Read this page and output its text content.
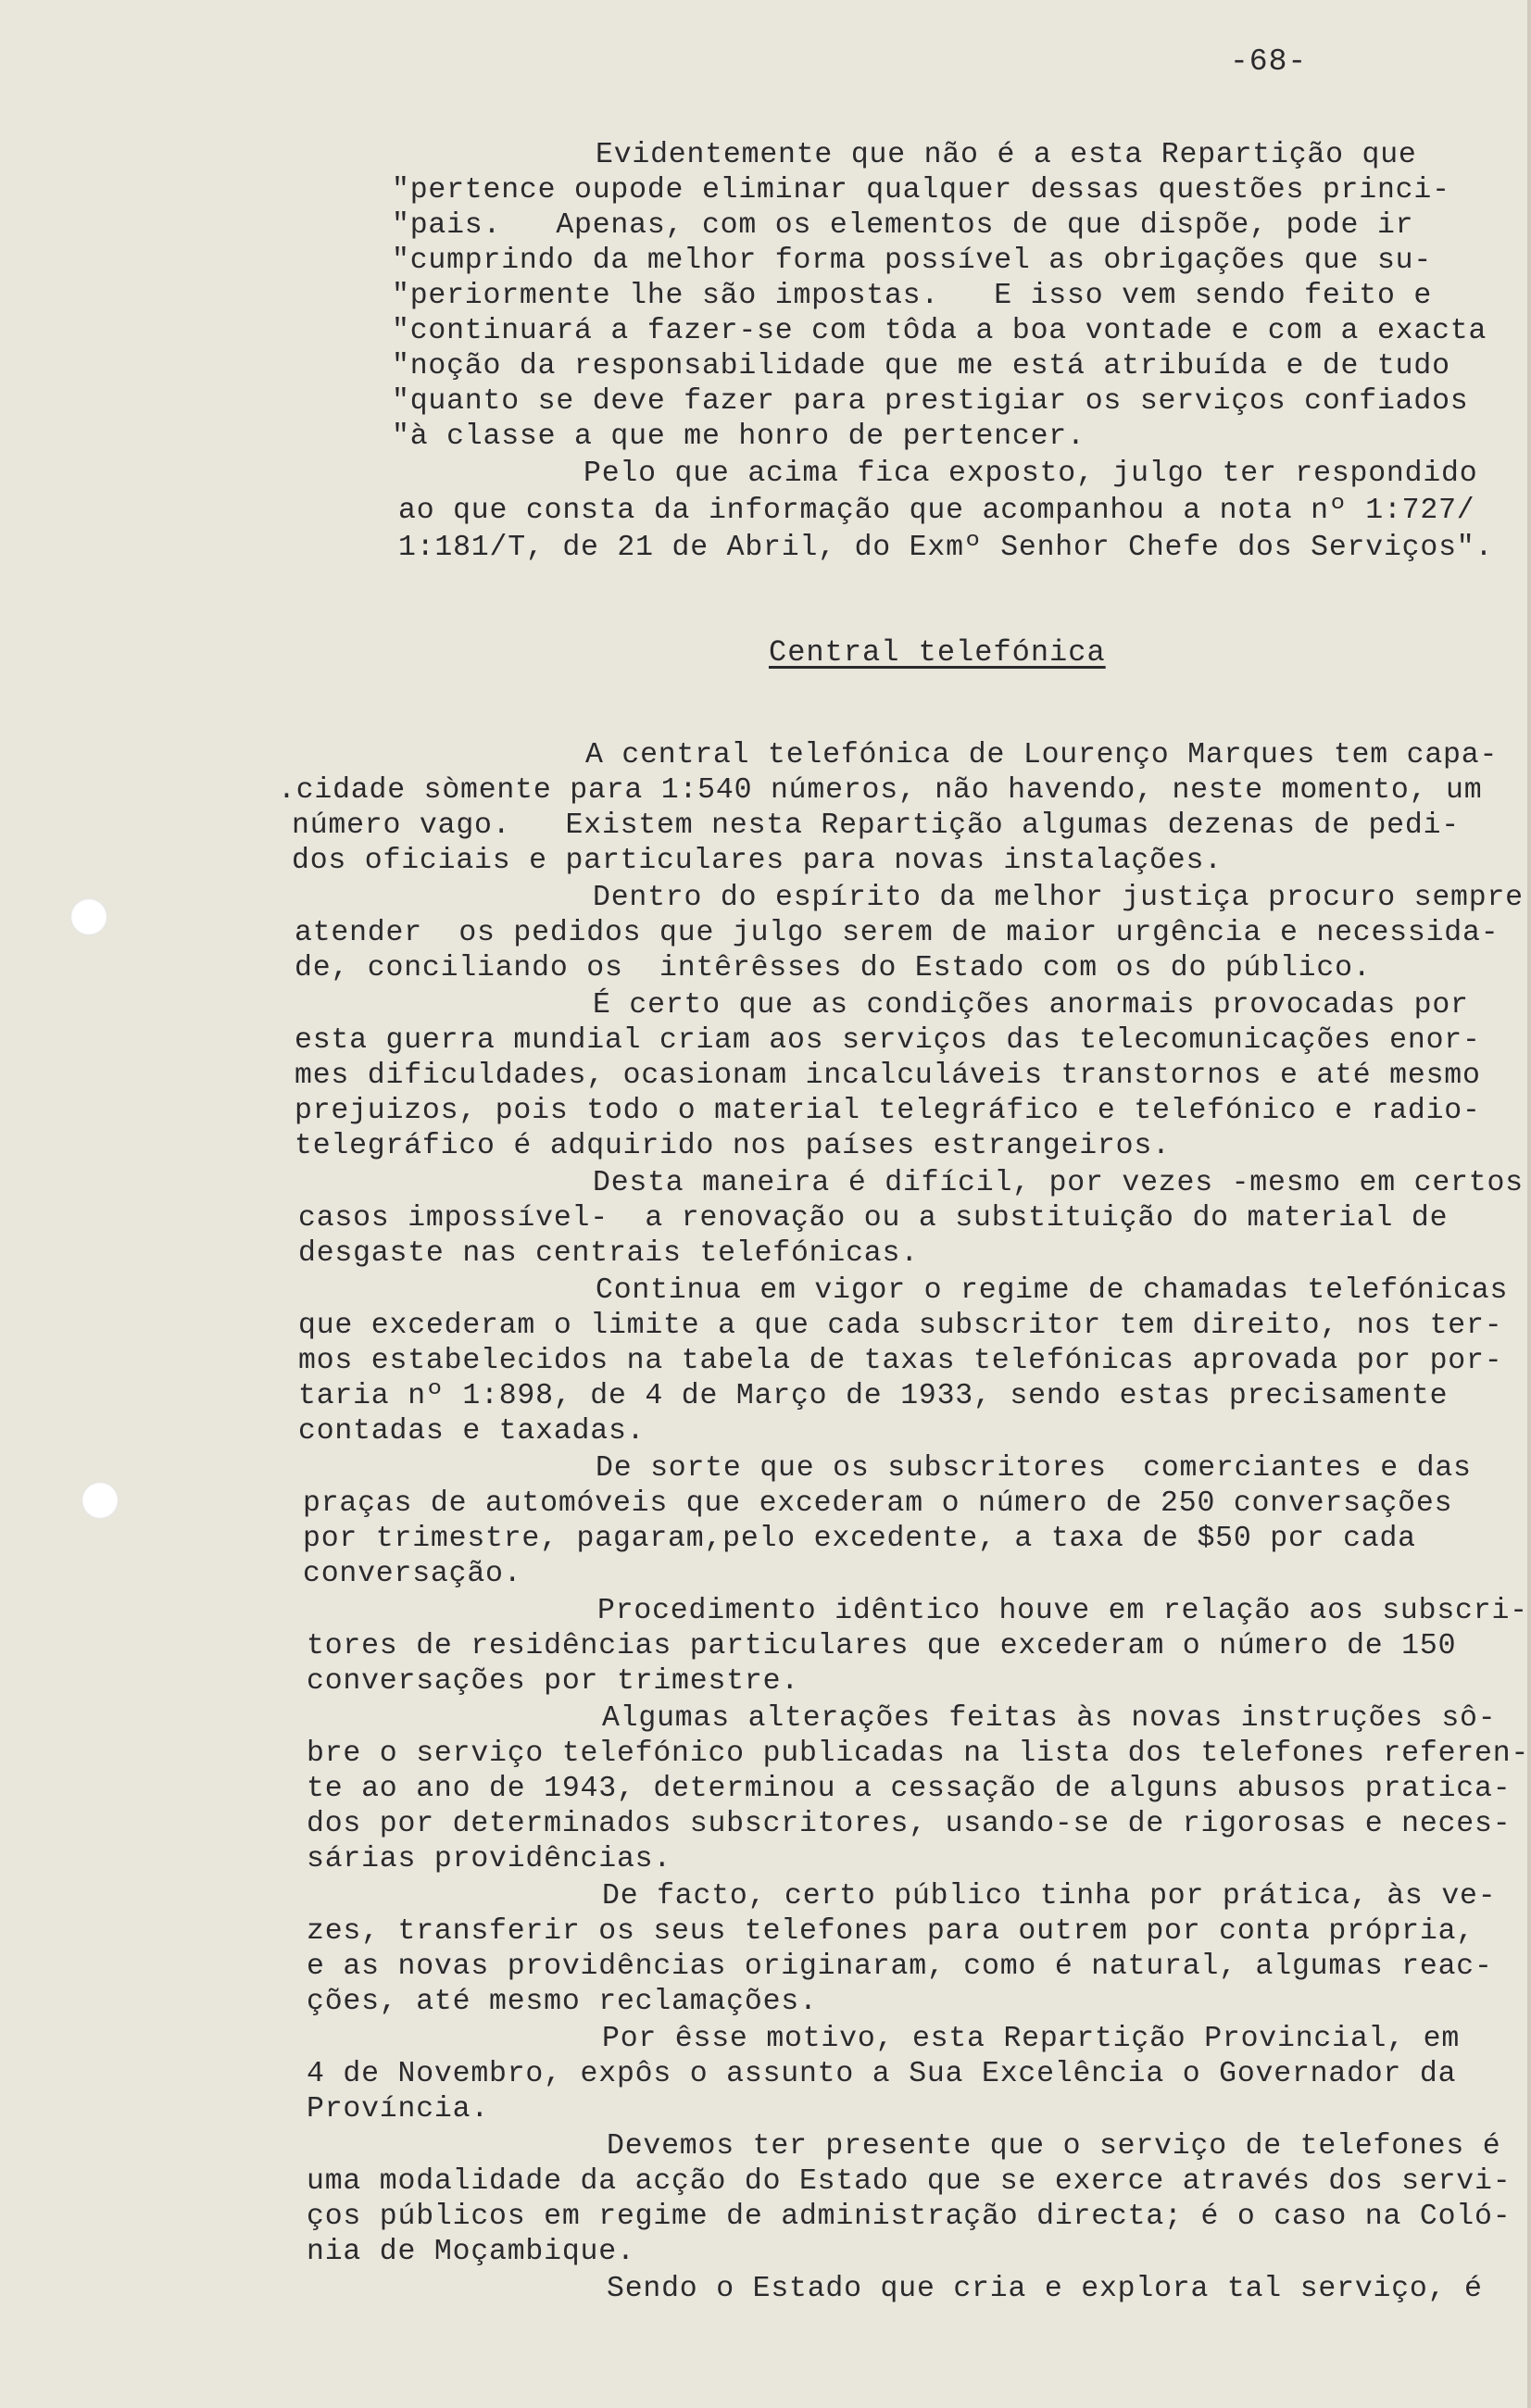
-68-
Evidentemente que não é a esta Repartição que
"pertence oupode eliminar qualquer dessas questões princi-
"pais.   Apenas, com os elementos de que dispõe, pode ir
"cumprindo da melhor forma possível as obrigações que su-
"periormente lhe são impostas.   E isso vem sendo feito e
"continuará a fazer-se com tôda a boa vontade e com a exacta
"noção da responsabilidade que me está atribuída e de tudo
"quanto se deve fazer para prestigiar os serviços confiados
"à classe a que me honro de pertencer.
Pelo que acima fica exposto, julgo ter respondido
ao que consta da informação que acompanhou a nota nº 1:727/
1:181/T, de 21 de Abril, do Exmº Senhor Chefe dos Serviços".
Central telefónica
A central telefónica de Lourenço Marques tem capa-
.cidade sòmente para 1:540 números, não havendo, neste momento, um
número vago.   Existem nesta Repartição algumas dezenas de pedi-
dos oficiais e particulares para novas instalações.
Dentro do espírito da melhor justiça procuro sempre
atender  os pedidos que julgo serem de maior urgência e necessida-
de, conciliando os  intêrêsses do Estado com os do público.
É certo que as condições anormais provocadas por
esta guerra mundial criam aos serviços das telecomunicações enor-
mes dificuldades, ocasionam incalculáveis transtornos e até mesmo
prejuizos, pois todo o material telegráfico e telefónico e radio-
telegráfico é adquirido nos países estrangeiros.
Desta maneira é difícil, por vezes -mesmo em certos
casos impossível-  a renovação ou a substituição do material de
desgaste nas centrais telefónicas.
Continua em vigor o regime de chamadas telefónicas
que excederam o limite a que cada subscritor tem direito, nos ter-
mos estabelecidos na tabela de taxas telefónicas aprovada por por-
taria nº 1:898, de 4 de Março de 1933, sendo estas precisamente
contadas e taxadas.
De sorte que os subscritores  comerciantes e das
praças de automóveis que excederam o número de 250 conversações
por trimestre, pagaram,pelo excedente, a taxa de $50 por cada
conversação.
Procedimento idêntico houve em relação aos subscri-
tores de residências particulares que excederam o número de 150
conversações por trimestre.
Algumas alterações feitas às novas instruções sô-
bre o serviço telefónico publicadas na lista dos telefones referen-
te ao ano de 1943, determinou a cessação de alguns abusos pratica-
dos por determinados subscritores, usando-se de rigorosas e neces-
sárias providências.
De facto, certo público tinha por prática, às ve-
zes, transferir os seus telefones para outrem por conta própria,
e as novas providências originaram, como é natural, algumas reac-
ções, até mesmo reclamações.
Por êsse motivo, esta Repartição Provincial, em
4 de Novembro, expôs o assunto a Sua Excelência o Governador da
Província.
Devemos ter presente que o serviço de telefones é
uma modalidade da acção do Estado que se exerce através dos servi-
ços públicos em regime de administração directa; é o caso na Coló-
nia de Moçambique.
Sendo o Estado que cria e explora tal serviço, é
